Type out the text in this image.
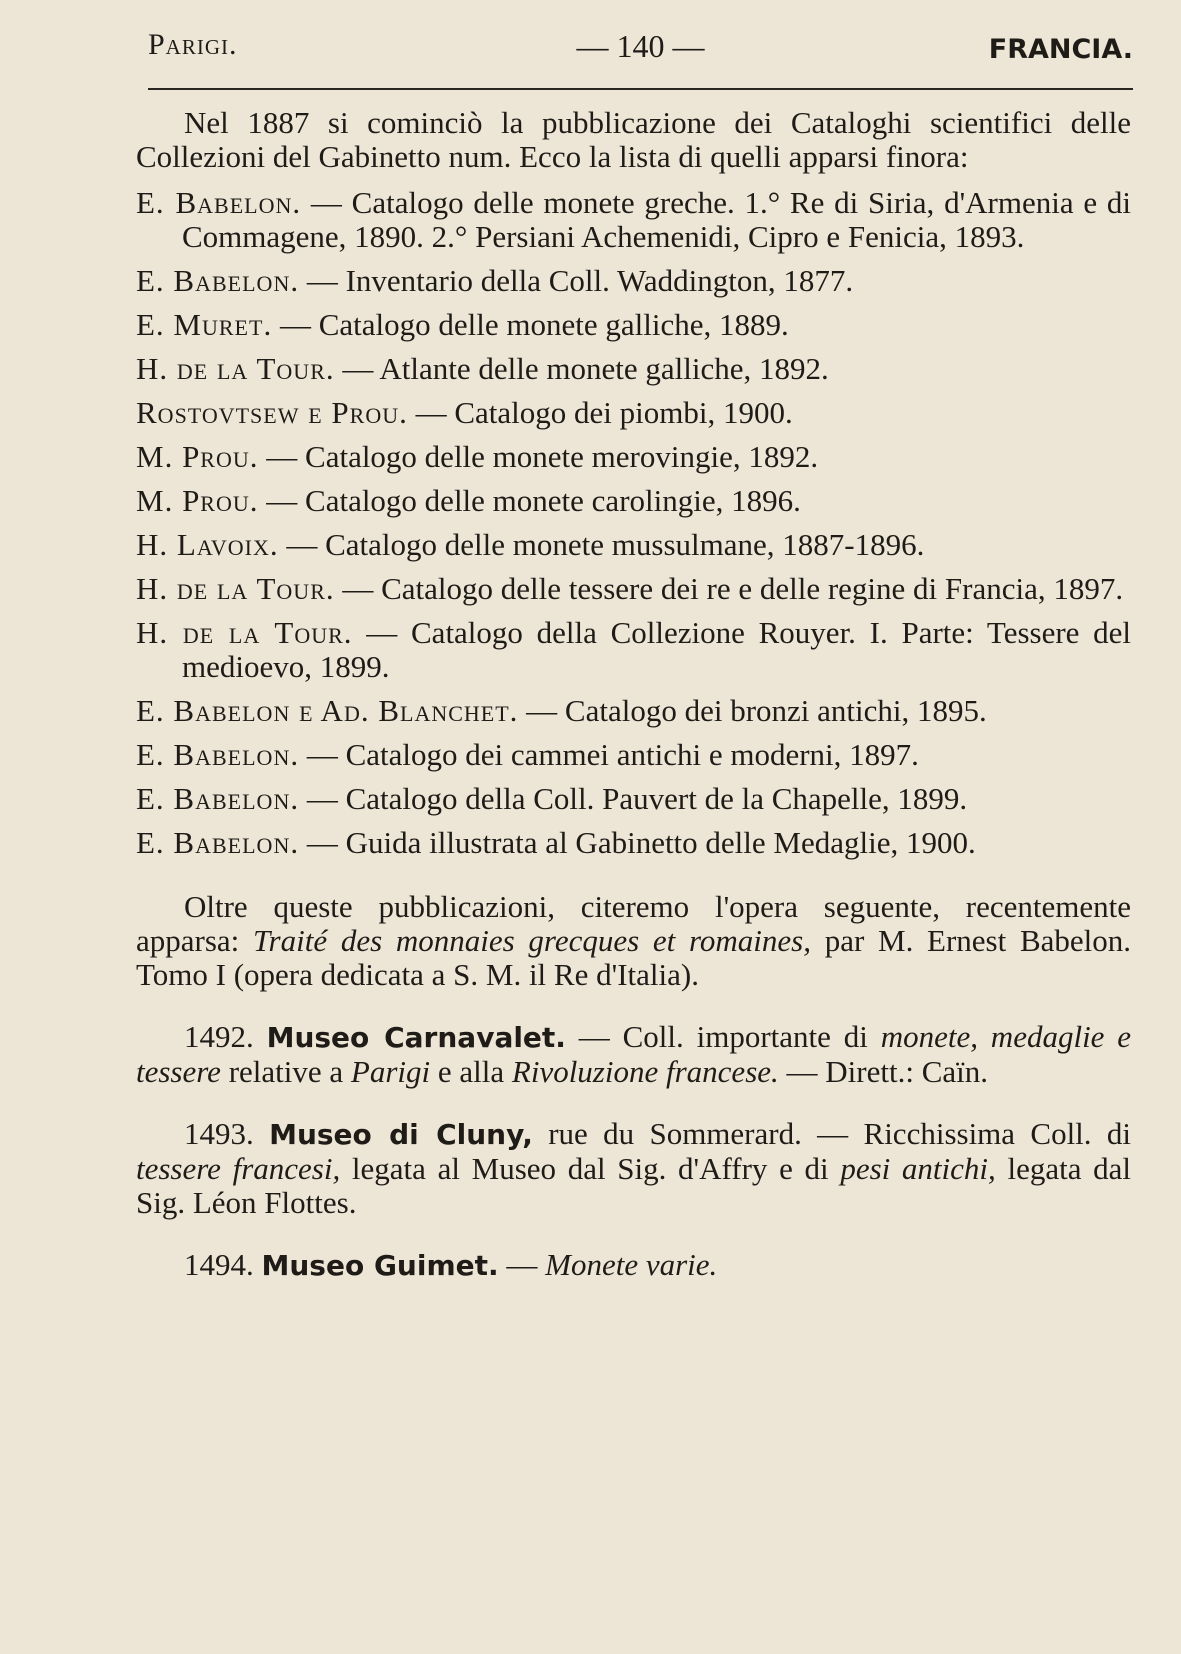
Parigi.	— 140 —	FRANCIA.

Nel 1887 si cominciò la pubblicazione dei Cataloghi scientifici delle Collezioni del Gabinetto num. Ecco la lista di quelli apparsi finora:

E. Babelon. — Catalogo delle monete greche. 1.° Re di Siria, d'Armenia e di Commagene, 1890. 2.° Persiani Achemenidi, Cipro e Fenicia, 1893.

E. Babelon. — Inventario della Coll. Waddington, 1877.

E. Muret. — Catalogo delle monete galliche, 1889.

H. de la Tour. — Atlante delle monete galliche, 1892.

Rostovtsew e Prou. — Catalogo dei piombi, 1900.

M. Prou. — Catalogo delle monete merovingie, 1892.

M. Prou. — Catalogo delle monete carolingie, 1896.

H. Lavoix. — Catalogo delle monete mussulmane, 1887-1896.

H. de la Tour. — Catalogo delle tessere dei re e delle regine di Francia, 1897.

H. de la Tour. — Catalogo della Collezione Rouyer. I. Parte: Tessere del medioevo, 1899.

E. Babelon e Ad. Blanchet. — Catalogo dei bronzi antichi, 1895.

E. Babelon. — Catalogo dei cammei antichi e moderni, 1897.

E. Babelon. — Catalogo della Coll. Pauvert de la Chapelle, 1899.

E. Babelon. — Guida illustrata al Gabinetto delle Medaglie, 1900.

Oltre queste pubblicazioni, citeremo l'opera seguente, recentemente apparsa: Traité des monnaies grecques et romaines, par M. Ernest Babelon. Tomo I (opera dedicata a S. M. il Re d'Italia).

1492. Museo Carnavalet. — Coll. importante di monete, medaglie e tessere relative a Parigi e alla Rivoluzione francese. — Dirett.: Caïn.

1493. Museo di Cluny, rue du Sommerard. — Ricchissima Coll. di tessere francesi, legata al Museo dal Sig. d'Affry e di pesi antichi, legata dal Sig. Léon Flottes.

1494. Museo Guimet. — Monete varie.
